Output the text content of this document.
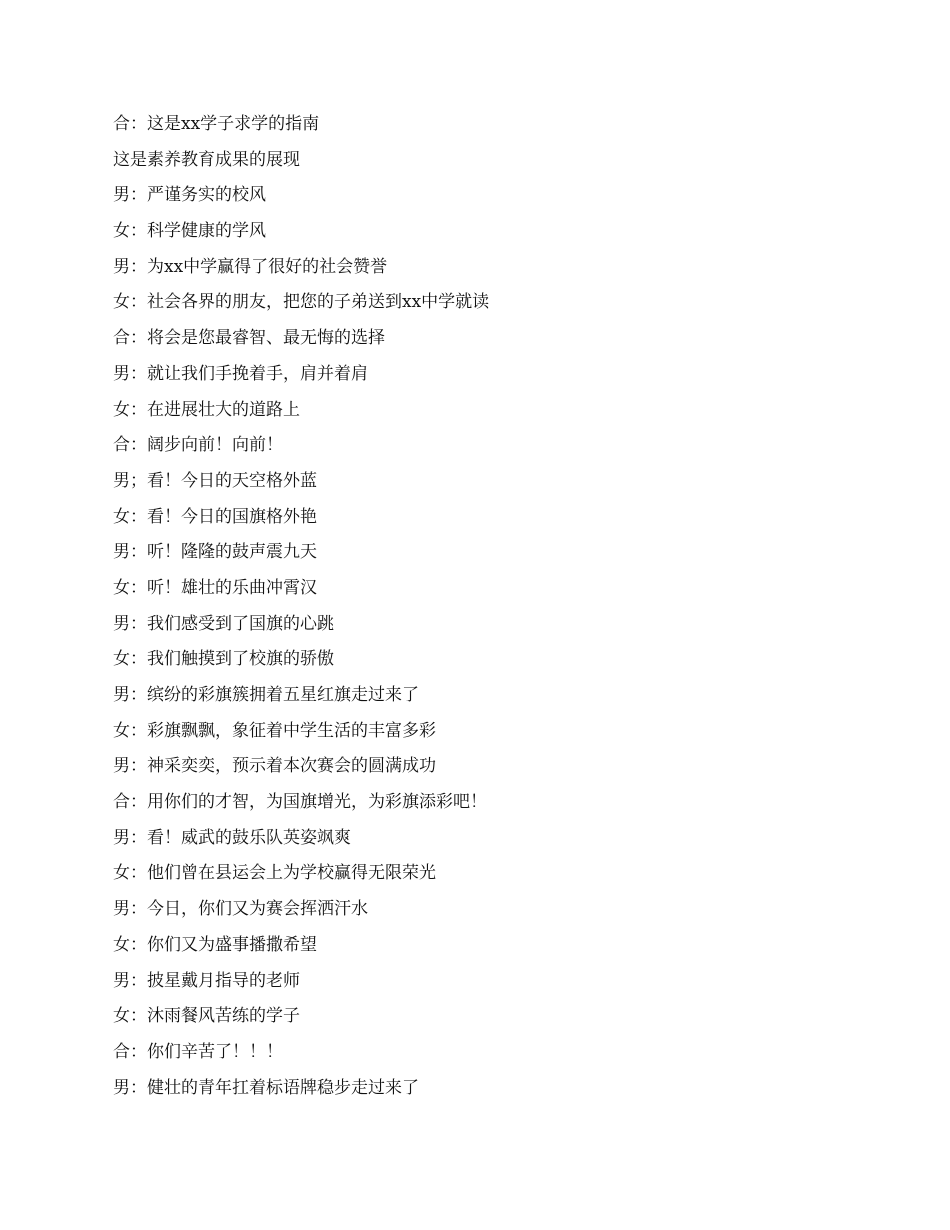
合：这是xx学子求学的指南
这是素养教育成果的展现
男：严谨务实的校风
女：科学健康的学风
男：为xx中学赢得了很好的社会赞誉
女：社会各界的朋友，把您的子弟送到xx中学就读
合：将会是您最睿智、最无悔的选择
男：就让我们手挽着手，肩并着肩
女：在进展壮大的道路上
合：阔步向前！向前！
男；看！今日的天空格外蓝
女：看！今日的国旗格外艳
男：听！隆隆的鼓声震九天
女：听！雄壮的乐曲冲霄汉
男：我们感受到了国旗的心跳
女：我们触摸到了校旗的骄傲
男：缤纷的彩旗簇拥着五星红旗走过来了
女：彩旗飘飘，象征着中学生活的丰富多彩
男：神采奕奕，预示着本次赛会的圆满成功
合：用你们的才智，为国旗增光，为彩旗添彩吧！
男：看！威武的鼓乐队英姿飒爽
女：他们曾在县运会上为学校赢得无限荣光
男：今日，你们又为赛会挥洒汗水
女：你们又为盛事播撒希望
男：披星戴月指导的老师
女：沐雨餐风苦练的学子
合：你们辛苦了！！！
男：健壮的青年扛着标语牌稳步走过来了
